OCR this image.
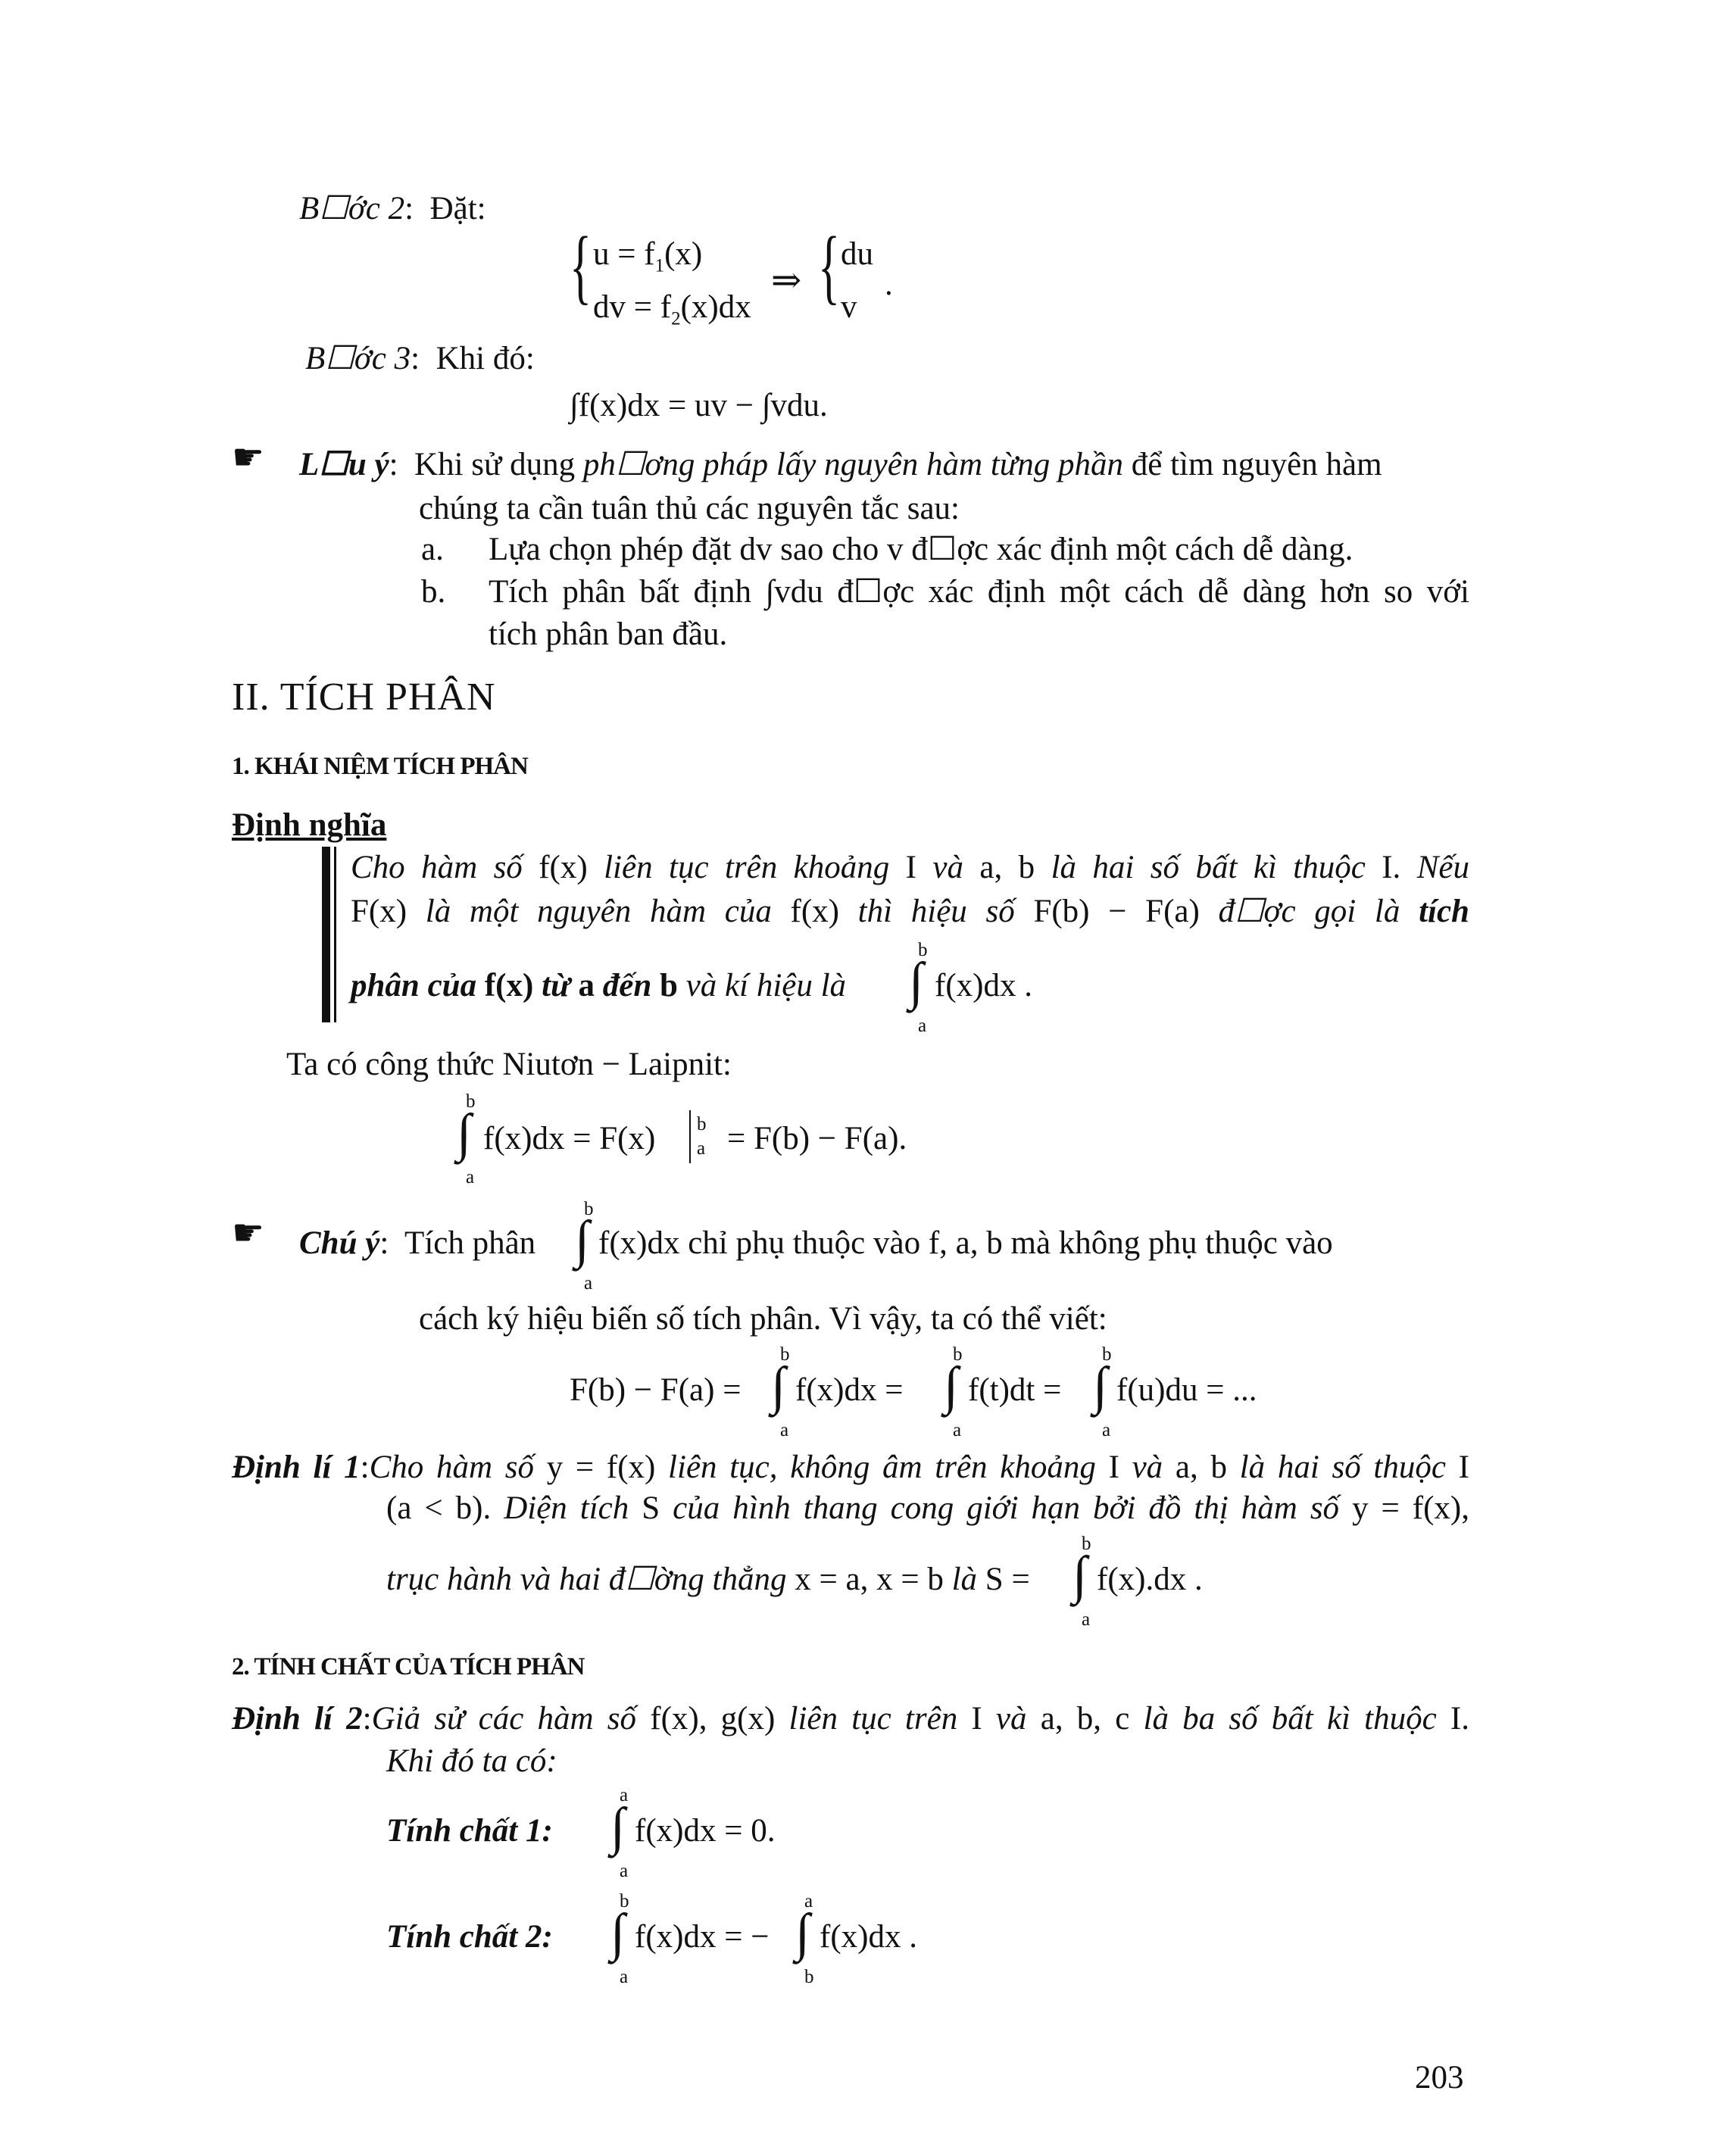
B☐ớc 2: Đặt:
{ $u = f_1(x)$
dv = $f_2(x)dx$
⇒ { du
v
.
B☐ớc 3: Khi đó:
∫f(x)dx = uv − ∫vdu.
☛ L☐u ý: Khi sử dụng ph☐ơng pháp lấy nguyên hàm từng phần để tìm nguyên hàm
chúng ta cần tuân thủ các nguyên tắc sau:
a. Lựa chọn phép đặt dv sao cho v đ☐ợc xác định một cách dễ dàng.
b. Tích phân bất định ∫vdu đ☐ợc xác định một cách dễ dàng hơn so với
tích phân ban đầu.
II. TÍCH PHÂN
1. KHÁI NIỆM TÍCH PHÂN
Định nghĩa
Cho hàm số f(x) liên tục trên khoảng I và a, b là hai số bất kì thuộc I. Nếu
F(x) là một nguyên hàm của f(x) thì hiệu số F(b) − F(a) đ☐ợc gọi là tích
phân của f(x) từ a đến b và kí hiệu là
b
∫
a
f(x)dx .
Ta có công thức Niutơn − Laipnit:
b
∫
a
f(x)dx = F(x) b
a = F(b) − F(a).
☛ Chú ý: Tích phân
b
∫
a
f(x)dx chỉ phụ thuộc vào f, a, b mà không phụ thuộc vào
cách ký hiệu biến số tích phân. Vì vậy, ta có thể viết:
F(b) − F(a) =
b
∫
a
f(x)dx =
b
∫
a
f(t)dt =
b
∫
a
f(u)du = ...
Định lí 1:Cho hàm số y = f(x) liên tục, không âm trên khoảng I và a, b là hai số thuộc I
(a < b). Diện tích S của hình thang cong giới hạn bởi đồ thị hàm số y = f(x),
trục hành và hai đ☐ờng thẳng x = a, x = b là S =
b
∫
a
f(x).dx .
2. TÍNH CHẤT CỦA TÍCH PHÂN
Định lí 2:Giả sử các hàm số f(x), g(x) liên tục trên I và a, b, c là ba số bất kì thuộc I.
Khi đó ta có:
Tính chất 1:
a
∫
a
f(x)dx = 0.
Tính chất 2:
b
∫
a
f(x)dx = −
a
∫
b
f(x)dx .
203
